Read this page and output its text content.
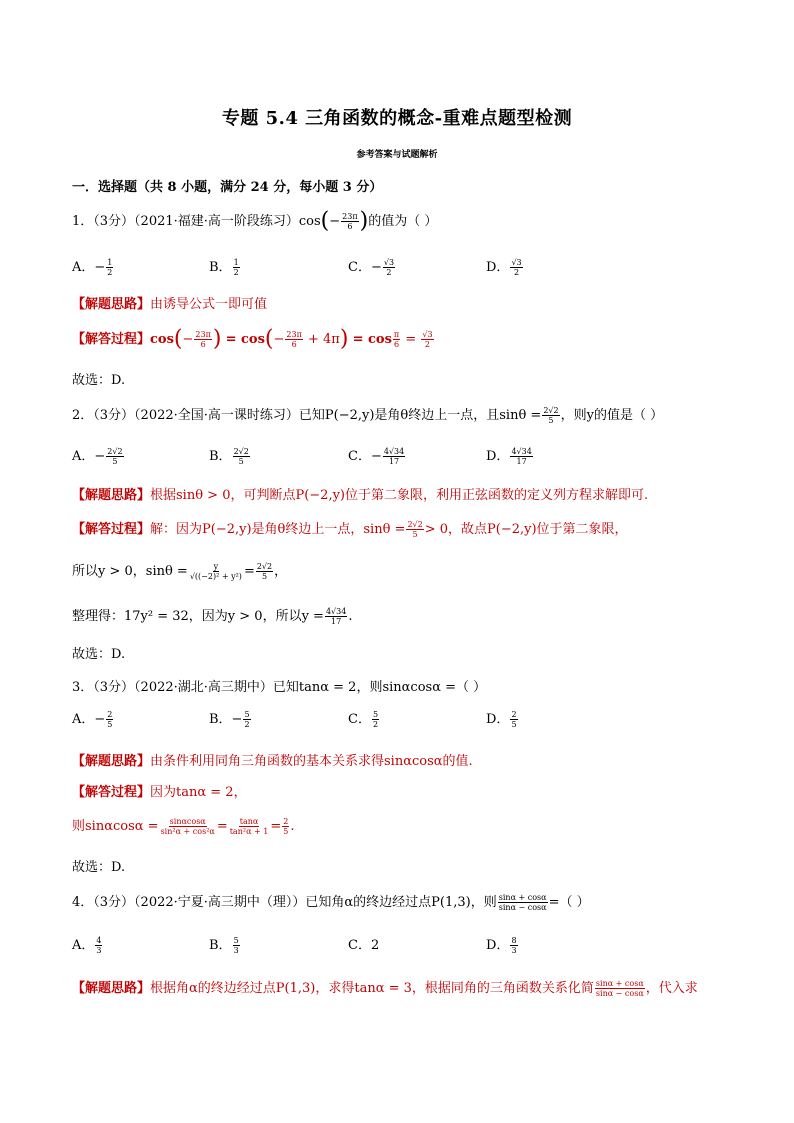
专题 5.4 三角函数的概念-重难点题型检测
参考答案与试题解析
一．选择题（共 8 小题，满分 24 分，每小题 3 分）
1．（3分）（2021·福建·高一阶段练习）$\cos(- \frac{23\pi}{6}$ )的值为（ ）
A．− $\frac{1}{2}$	B． $\frac{1}{2}$	C．− $\frac{√3}{2}$	D． $\frac{√3}{2}$
【解题思路】由诱导公式一即可值
【解答过程】$\cos(- \frac{23\pi}{6}$ ) = $\cos(- \frac{23\pi}{6} + 4\pi) = \cos \frac{\pi}{6} = \frac{√3}{2}$
故选：D.
2．（3分）（2022·全国·高一课时练习）已知P(−2,y)是角θ终边上一点，且$\sin\theta = \frac{2√2}{5}$ ，则y的值是（ ）
A．− $\frac{2√2}{5}$	B． $\frac{2√2}{5}$	C．− $\frac{4√34}{17}$	D． $\frac{4√34}{17}$
【解题思路】根据sinθ > 0，可判断点P(−2,y)位于第二象限，利用正弦函数的定义列方程求解即可.
【解答过程】解：因为P(−2,y)是角θ终边上一点，$\sin\theta = \frac{2√2}{5} > 0$，故点P(−2,y)位于第二象限，
所以y > 0，$\sin\theta = \frac{y}{\text{√((−2)² + y²)}} = \frac{2√2}{5}$ ，
整理得：17y² = 32，因为y > 0，所以$y = \frac{4√34}{17}$ .
故选：D.
3．（3分）（2022·湖北·高三期中）已知tanα = 2，则sinαcosα =（ ）
A．− $\frac{2}{5}$	B．− $\frac{5}{2}$	C． $\frac{5}{2}$	D． $\frac{2}{5}$
【解题思路】由条件利用同角三角函数的基本关系求得sinαcosα的值.
【解答过程】因为tanα = 2，
则$\sin\alpha\cos\alpha = \frac{\sin\alpha\cos\alpha}{\text{sin²α + cos²α}} = \frac{\tan\alpha}{\text{tan²α + 1}} = \frac{2}{5}$ .
故选：D.
4．（3分）（2022·宁夏·高三期中（理））已知角α的终边经过点P(1,3)，则 $\frac{\sin\alpha + \cos\alpha}{\sin\alpha - \cos\alpha}$ =（ ）
A． $\frac{4}{3}$	B． $\frac{5}{3}$	C．2	D． $\frac{8}{3}$
【解题思路】根据角α的终边经过点P(1,3)，求得tanα = 3，根据同角的三角函数关系化简 $\frac{\sin\alpha + \cos\alpha}{\sin\alpha - \cos\alpha}$ ，代入求
